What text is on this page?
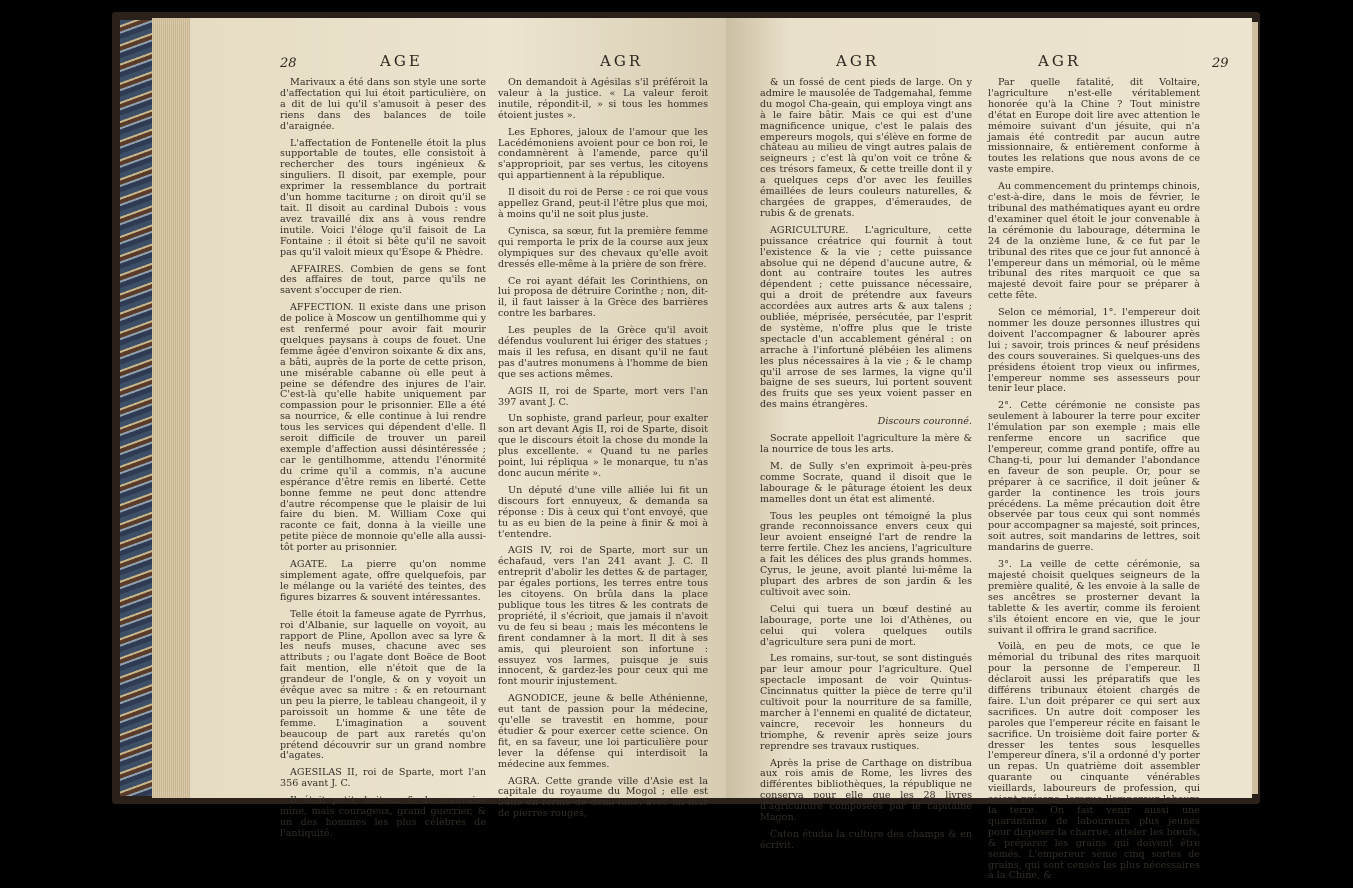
28	AGE	AGR

Marivaux a été dans son style une sorte d'affectation qui lui étoit particulière, on a dit de lui qu'il s'amusoit à peser des riens dans des balances de toile d'araignée.

L'affectation de Fontenelle étoit la plus supportable de toutes, elle consistoit à rechercher des tours ingénieux & singuliers. Il disoit, par exemple, pour exprimer la ressemblance du portrait d'un homme taciturne ; on diroit qu'il se tait. Il disoit au cardinal Dubois : vous avez travaillé dix ans à vous rendre inutile. Voici l'éloge qu'il faisoit de La Fontaine : il étoit si bête qu'il ne savoit pas qu'il valoit mieux qu'Ésope & Phèdre.

AFFAIRES. Combien de gens se font des affaires de tout, parce qu'ils ne savent s'occuper de rien.

AFFECTION. Il existe dans une prison de police à Moscow un gentilhomme qui y est renfermé pour avoir fait mourir quelques paysans à coups de fouet. Une femme âgée d'environ soixante & dix ans, a bâti, auprès de la porte de cette prison, une misérable cabanne où elle peut à peine se défendre des injures de l'air. C'est-là qu'elle habite uniquement par compassion pour le prisonnier. Elle a été sa nourrice, & elle continue à lui rendre tous les services qui dépendent d'elle. Il seroit difficile de trouver un pareil exemple d'affection aussi désintéressée ; car le gentilhomme, attendu l'énormité du crime qu'il a commis, n'a aucune espérance d'être remis en liberté. Cette bonne femme ne peut donc attendre d'autre récompense que le plaisir de lui faire du bien. M. William Coxe qui raconte ce fait, donna à la vieille une petite pièce de monnoie qu'elle alla aussi-tôt porter au prisonnier.

AGATE. La pierre qu'on nomme simplement agate, offre quelquefois, par le mélange ou la variété des teintes, des figures bizarres & souvent intéressantes.

Telle étoit la fameuse agate de Pyrrhus, roi d'Albanie, sur laquelle on voyoit, au rapport de Pline, Apollon avec sa lyre & les neufs muses, chacune avec ses attributs ; ou l'agate dont Boëce de Boot fait mention, elle n'étoit que de la grandeur de l'ongle, & on y voyoit un évêque avec sa mitre : & en retournant un peu la pierre, le tableau changeoit, il y paroissoit un homme & une tête de femme. L'imagination a souvent beaucoup de part aux raretés qu'on prétend découvrir sur un grand nombre d'agates.

AGESILAS II, roi de Sparte, mort l'an 356 avant J. C.

Il étoit petit, boiteux & de mauvaise mine, mais courageux, grand guerrier, & un des hommes les plus célèbres de l'antiquité.

On demandoit à Agésilas s'il préféroit la valeur à la justice. « La valeur feroit inutile, répondit-il, » si tous les hommes étoient justes ».

Les Ephores, jaloux de l'amour que les Lacédémoniens avoient pour ce bon roi, le condamnèrent à l'amende, parce qu'il s'approprioit, par ses vertus, les citoyens qui appartiennent à la république.

Il disoit du roi de Perse : ce roi que vous appellez Grand, peut-il l'être plus que moi, à moins qu'il ne soit plus juste.

Cynisca, sa sœur, fut la première femme qui remporta le prix de la course aux jeux olympiques sur des chevaux qu'elle avoit dressés elle-même à la prière de son frère.

Ce roi ayant défait les Corinthiens, on lui proposa de détruire Corinthe ; non, dit-il, il faut laisser à la Grèce des barrières contre les barbares.

Les peuples de la Grèce qu'il avoit défendus voulurent lui ériger des statues ; mais il les refusa, en disant qu'il ne faut pas d'autres monumens à l'homme de bien que ses actions mêmes.

AGIS II, roi de Sparte, mort vers l'an 397 avant J. C.

Un sophiste, grand parleur, pour exalter son art devant Agis II, roi de Sparte, disoit que le discours étoit la chose du monde la plus excellente. « Quand tu ne parles point, lui répliqua » le monarque, tu n'as donc aucun mérite ».

Un député d'une ville alliée lui fit un discours fort ennuyeux, & demanda sa réponse : Dis à ceux qui t'ont envoyé, que tu as eu bien de la peine à finir & moi à t'entendre.

AGIS IV, roi de Sparte, mort sur un échafaud, vers l'an 241 avant J. C. Il entreprit d'abolir les dettes & de partager, par égales portions, les terres entre tous les citoyens. On brûla dans la place publique tous les titres & les contrats de propriété, il s'écrioit, que jamais il n'avoit vu de feu si beau ; mais les mécontens le firent condamner à la mort. Il dit à ses amis, qui pleuroient son infortune : essuyez vos larmes, puisque je suis innocent, & gardez-les pour ceux qui me font mourir injustement.

AGNODICE, jeune & belle Athénienne, eut tant de passion pour la médecine, qu'elle se travestit en homme, pour étudier & pour exercer cette science. On fit, en sa faveur, une loi particulière pour lever la défense qui interdisoit la médecine aux femmes.

AGRA. Cette grande ville d'Asie est la capitale du royaume du Mogol ; elle est bâtie en forme de demi-lune, avec un mur de pierres rouges,

AGR	AGR	29

& un fossé de cent pieds de large. On y admire le mausolée de Tadgemahal, femme du mogol Cha-geain, qui employa vingt ans à le faire bâtir. Mais ce qui est d'une magnificence unique, c'est le palais des empereurs mogols, qui s'élève en forme de château au milieu de vingt autres palais de seigneurs ; c'est là qu'on voit ce trône & ces trésors fameux, & cette treille dont il y a quelques ceps d'or avec les feuilles émaillées de leurs couleurs naturelles, & chargées de grappes, d'émeraudes, de rubis & de grenats.

AGRICULTURE. L'agriculture, cette puissance créatrice qui fournit à tout l'existence & la vie ; cette puissance absolue qui ne dépend d'aucune autre, & dont au contraire toutes les autres dépendent ; cette puissance nécessaire, qui a droit de prétendre aux faveurs accordées aux autres arts & aux talens ; oubliée, méprisée, persécutée, par l'esprit de système, n'offre plus que le triste spectacle d'un accablement général : on arrache à l'infortuné plébéien les alimens les plus nécessaires à la vie ; & le champ qu'il arrose de ses larmes, la vigne qu'il baigne de ses sueurs, lui portent souvent des fruits que ses yeux voient passer en des mains étrangères.

Discours couronné.

Socrate appelloit l'agriculture la mère & la nourrice de tous les arts.

M. de Sully s'en exprimoit à-peu-près comme Socrate, quand il disoit que le labourage & le pâturage étoient les deux mamelles dont un état est alimenté.

Tous les peuples ont témoigné la plus grande reconnoissance envers ceux qui leur avoient enseigné l'art de rendre la terre fertile. Chez les anciens, l'agriculture a fait les délices des plus grands hommes. Cyrus, le jeune, avoit planté lui-même la plupart des arbres de son jardin & les cultivoit avec soin.

Celui qui tuera un bœuf destiné au labourage, porte une loi d'Athènes, ou celui qui volera quelques outils d'agriculture sera puni de mort.

Les romains, sur-tout, se sont distingués par leur amour pour l'agriculture. Quel spectacle imposant de voir Quintus-Cincinnatus quitter la pièce de terre qu'il cultivoit pour la nourriture de sa famille, marcher à l'ennemi en qualité de dictateur, vaincre, recevoir les honneurs du triomphe, & revenir après seize jours reprendre ses travaux rustiques.

Après la prise de Carthage on distribua aux rois amis de Rome, les livres des différentes bibliothèques, la république ne conserva pour elle que les 28 livres d'agriculture composées par le capitaine Magon.

Caton étudia la culture des champs & en écrivit.

Par quelle fatalité, dit Voltaire, l'agriculture n'est-elle véritablement honorée qu'à la Chine ? Tout ministre d'état en Europe doit lire avec attention le mémoire suivant d'un jésuite, qui n'a jamais été contredit par aucun autre missionnaire, & entièrement conforme à toutes les relations que nous avons de ce vaste empire.

Au commencement du printemps chinois, c'est-à-dire, dans le mois de février, le tribunal des mathématiques ayant eu ordre d'examiner quel étoit le jour convenable à la cérémonie du labourage, détermina le 24 de la onzième lune, & ce fut par le tribunal des rites que ce jour fut annoncé à l'empereur dans un mémorial, où le même tribunal des rites marquoit ce que sa majesté devoit faire pour se préparer à cette fête.

Selon ce mémorial, 1°. l'empereur doit nommer les douze personnes illustres qui doivent l'accompagner & labourer après lui ; savoir, trois princes & neuf présidens des cours souveraines. Si quelques-uns des présidens étoient trop vieux ou infirmes, l'empereur nomme ses assesseurs pour tenir leur place.

2°. Cette cérémonie ne consiste pas seulement à labourer la terre pour exciter l'émulation par son exemple ; mais elle renferme encore un sacrifice que l'empereur, comme grand pontife, offre au Chang-ti, pour lui demander l'abondance en faveur de son peuple. Or, pour se préparer à ce sacrifice, il doit jeûner & garder la continence les trois jours précédens. La même précaution doit être observée par tous ceux qui sont nommés pour accompagner sa majesté, soit princes, soit autres, soit mandarins de lettres, soit mandarins de guerre.

3°. La veille de cette cérémonie, sa majesté choisit quelques seigneurs de la première qualité, & les envoie à la salle de ses ancêtres se prosterner devant la tablette & les avertir, comme ils feroient s'ils étoient encore en vie, que le jour suivant il offrira le grand sacrifice.

Voilà, en peu de mots, ce que le mémorial du tribunal des rites marquoit pour la personne de l'empereur. Il déclaroit aussi les préparatifs que les différens tribunaux étoient chargés de faire. L'un doit préparer ce qui sert aux sacrifices. Un autre doit composer les paroles que l'empereur récite en faisant le sacrifice. Un troisième doit faire porter & dresser les tentes sous lesquelles l'empereur dînera, s'il a ordonné d'y porter un repas. Un quatrième doit assembler quarante ou cinquante vénérables vieillards, laboureurs de profession, qui soient présens, lorsque l'empereur laboure la terre. On fait venir aussi une quarantaine de laboureurs plus jeunes pour disposer la charrue, atteler les bœufs, & préparer les grains qui doivent être semés. L'empereur sème cinq sortes de grains, qui sont censés les plus nécessaires à la Chine, &
